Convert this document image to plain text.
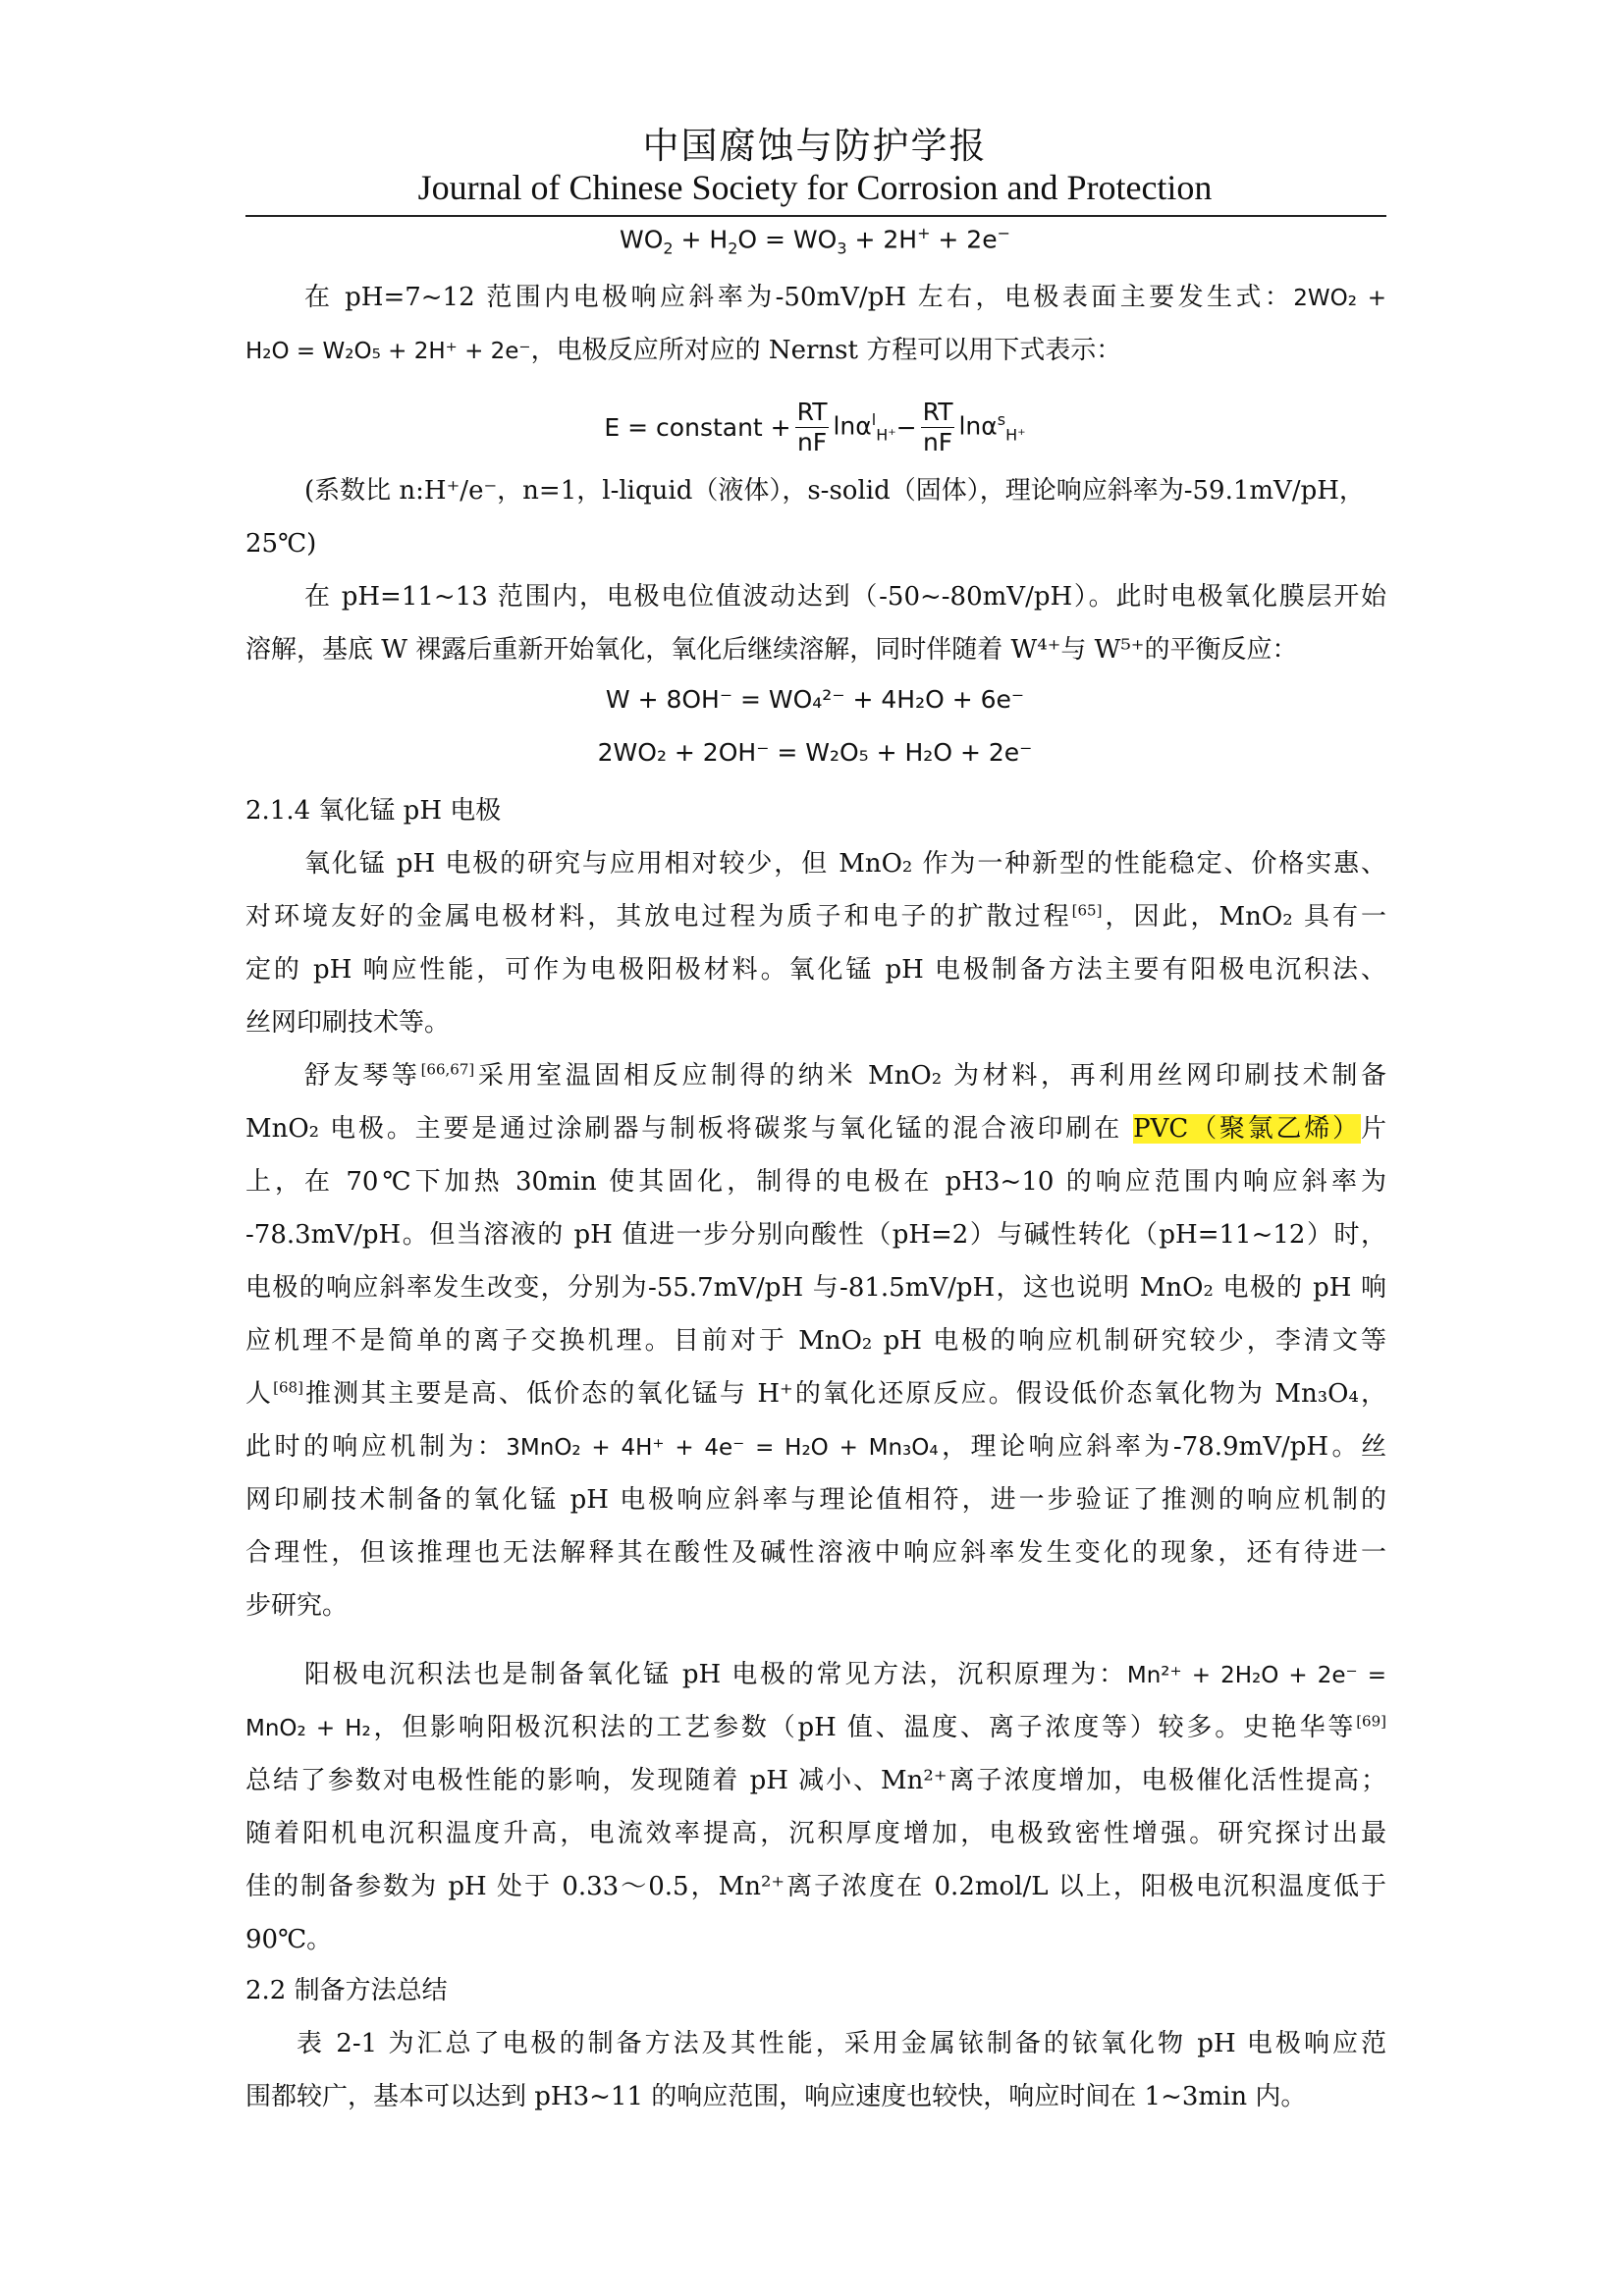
中国腐蚀与防护学报
Journal of Chinese Society for Corrosion and Protection
$WO_2 + H_2O = WO_3 + 2H^+ + 2e^-$
在 pH=7~12 范围内电极响应斜率为-50mV/pH 左右，电极表面主要发生式：2WO₂ +
H₂O = W₂O₅ + 2H⁺ + 2e⁻，电极反应所对应的 Nernst 方程可以用下式表示：
E = constant + $\frac{RT}{nF} \ln\alpha^l_{H^+}- \frac{RT}{nF} \ln\alpha^s_{H^+}$
(系数比 n:H⁺/e⁻，n=1，l-liquid（液体），s-solid（固体），理论响应斜率为-59.1mV/pH，
25℃)
在 pH=11~13 范围内，电极电位值波动达到（-50~-80mV/pH）。此时电极氧化膜层开始
溶解，基底 W 裸露后重新开始氧化，氧化后继续溶解，同时伴随着 W⁴⁺与 W⁵⁺的平衡反应：
W + 8OH⁻ = WO₄²⁻ + 4H₂O + 6e⁻
2WO₂ + 2OH⁻ = W₂O₅ + H₂O + 2e⁻
2.1.4 氧化锰 pH 电极
氧化锰 pH 电极的研究与应用相对较少，但 MnO₂ 作为一种新型的性能稳定、价格实惠、
对环境友好的金属电极材料，其放电过程为质子和电子的扩散过程[65]，因此，MnO₂ 具有一
定的 pH 响应性能，可作为电极阳极材料。氧化锰 pH 电极制备方法主要有阳极电沉积法、
丝网印刷技术等。
舒友琴等[66,67]采用室温固相反应制得的纳米 MnO₂ 为材料，再利用丝网印刷技术制备
MnO₂ 电极。主要是通过涂刷器与制板将碳浆与氧化锰的混合液印刷在 PVC（聚氯乙烯）片
上，在 70℃下加热 30min 使其固化，制得的电极在 pH3~10 的响应范围内响应斜率为
-78.3mV/pH。但当溶液的 pH 值进一步分别向酸性（pH=2）与碱性转化（pH=11~12）时，
电极的响应斜率发生改变，分别为-55.7mV/pH 与-81.5mV/pH，这也说明 MnO₂ 电极的 pH 响
应机理不是简单的离子交换机理。目前对于 MnO₂ pH 电极的响应机制研究较少，李清文等
人[68]推测其主要是高、低价态的氧化锰与 H⁺的氧化还原反应。假设低价态氧化物为 Mn₃O₄，
此时的响应机制为：3MnO₂ + 4H⁺ + 4e⁻ = H₂O + Mn₃O₄，理论响应斜率为-78.9mV/pH。丝
网印刷技术制备的氧化锰 pH 电极响应斜率与理论值相符，进一步验证了推测的响应机制的
合理性，但该推理也无法解释其在酸性及碱性溶液中响应斜率发生变化的现象，还有待进一
步研究。
阳极电沉积法也是制备氧化锰 pH 电极的常见方法，沉积原理为：Mn²⁺ + 2H₂O + 2e⁻ =
MnO₂ + H₂，但影响阳极沉积法的工艺参数（pH 值、温度、离子浓度等）较多。史艳华等[69]
总结了参数对电极性能的影响，发现随着 pH 减小、Mn²⁺离子浓度增加，电极催化活性提高；
随着阳机电沉积温度升高，电流效率提高，沉积厚度增加，电极致密性增强。研究探讨出最
佳的制备参数为 pH 处于 0.33～0.5，Mn²⁺离子浓度在 0.2mol/L 以上，阳极电沉积温度低于
90℃。
2.2 制备方法总结
表 2-1 为汇总了电极的制备方法及其性能，采用金属铱制备的铱氧化物 pH 电极响应范
围都较广，基本可以达到 pH3~11 的响应范围，响应速度也较快，响应时间在 1~3min 内。
